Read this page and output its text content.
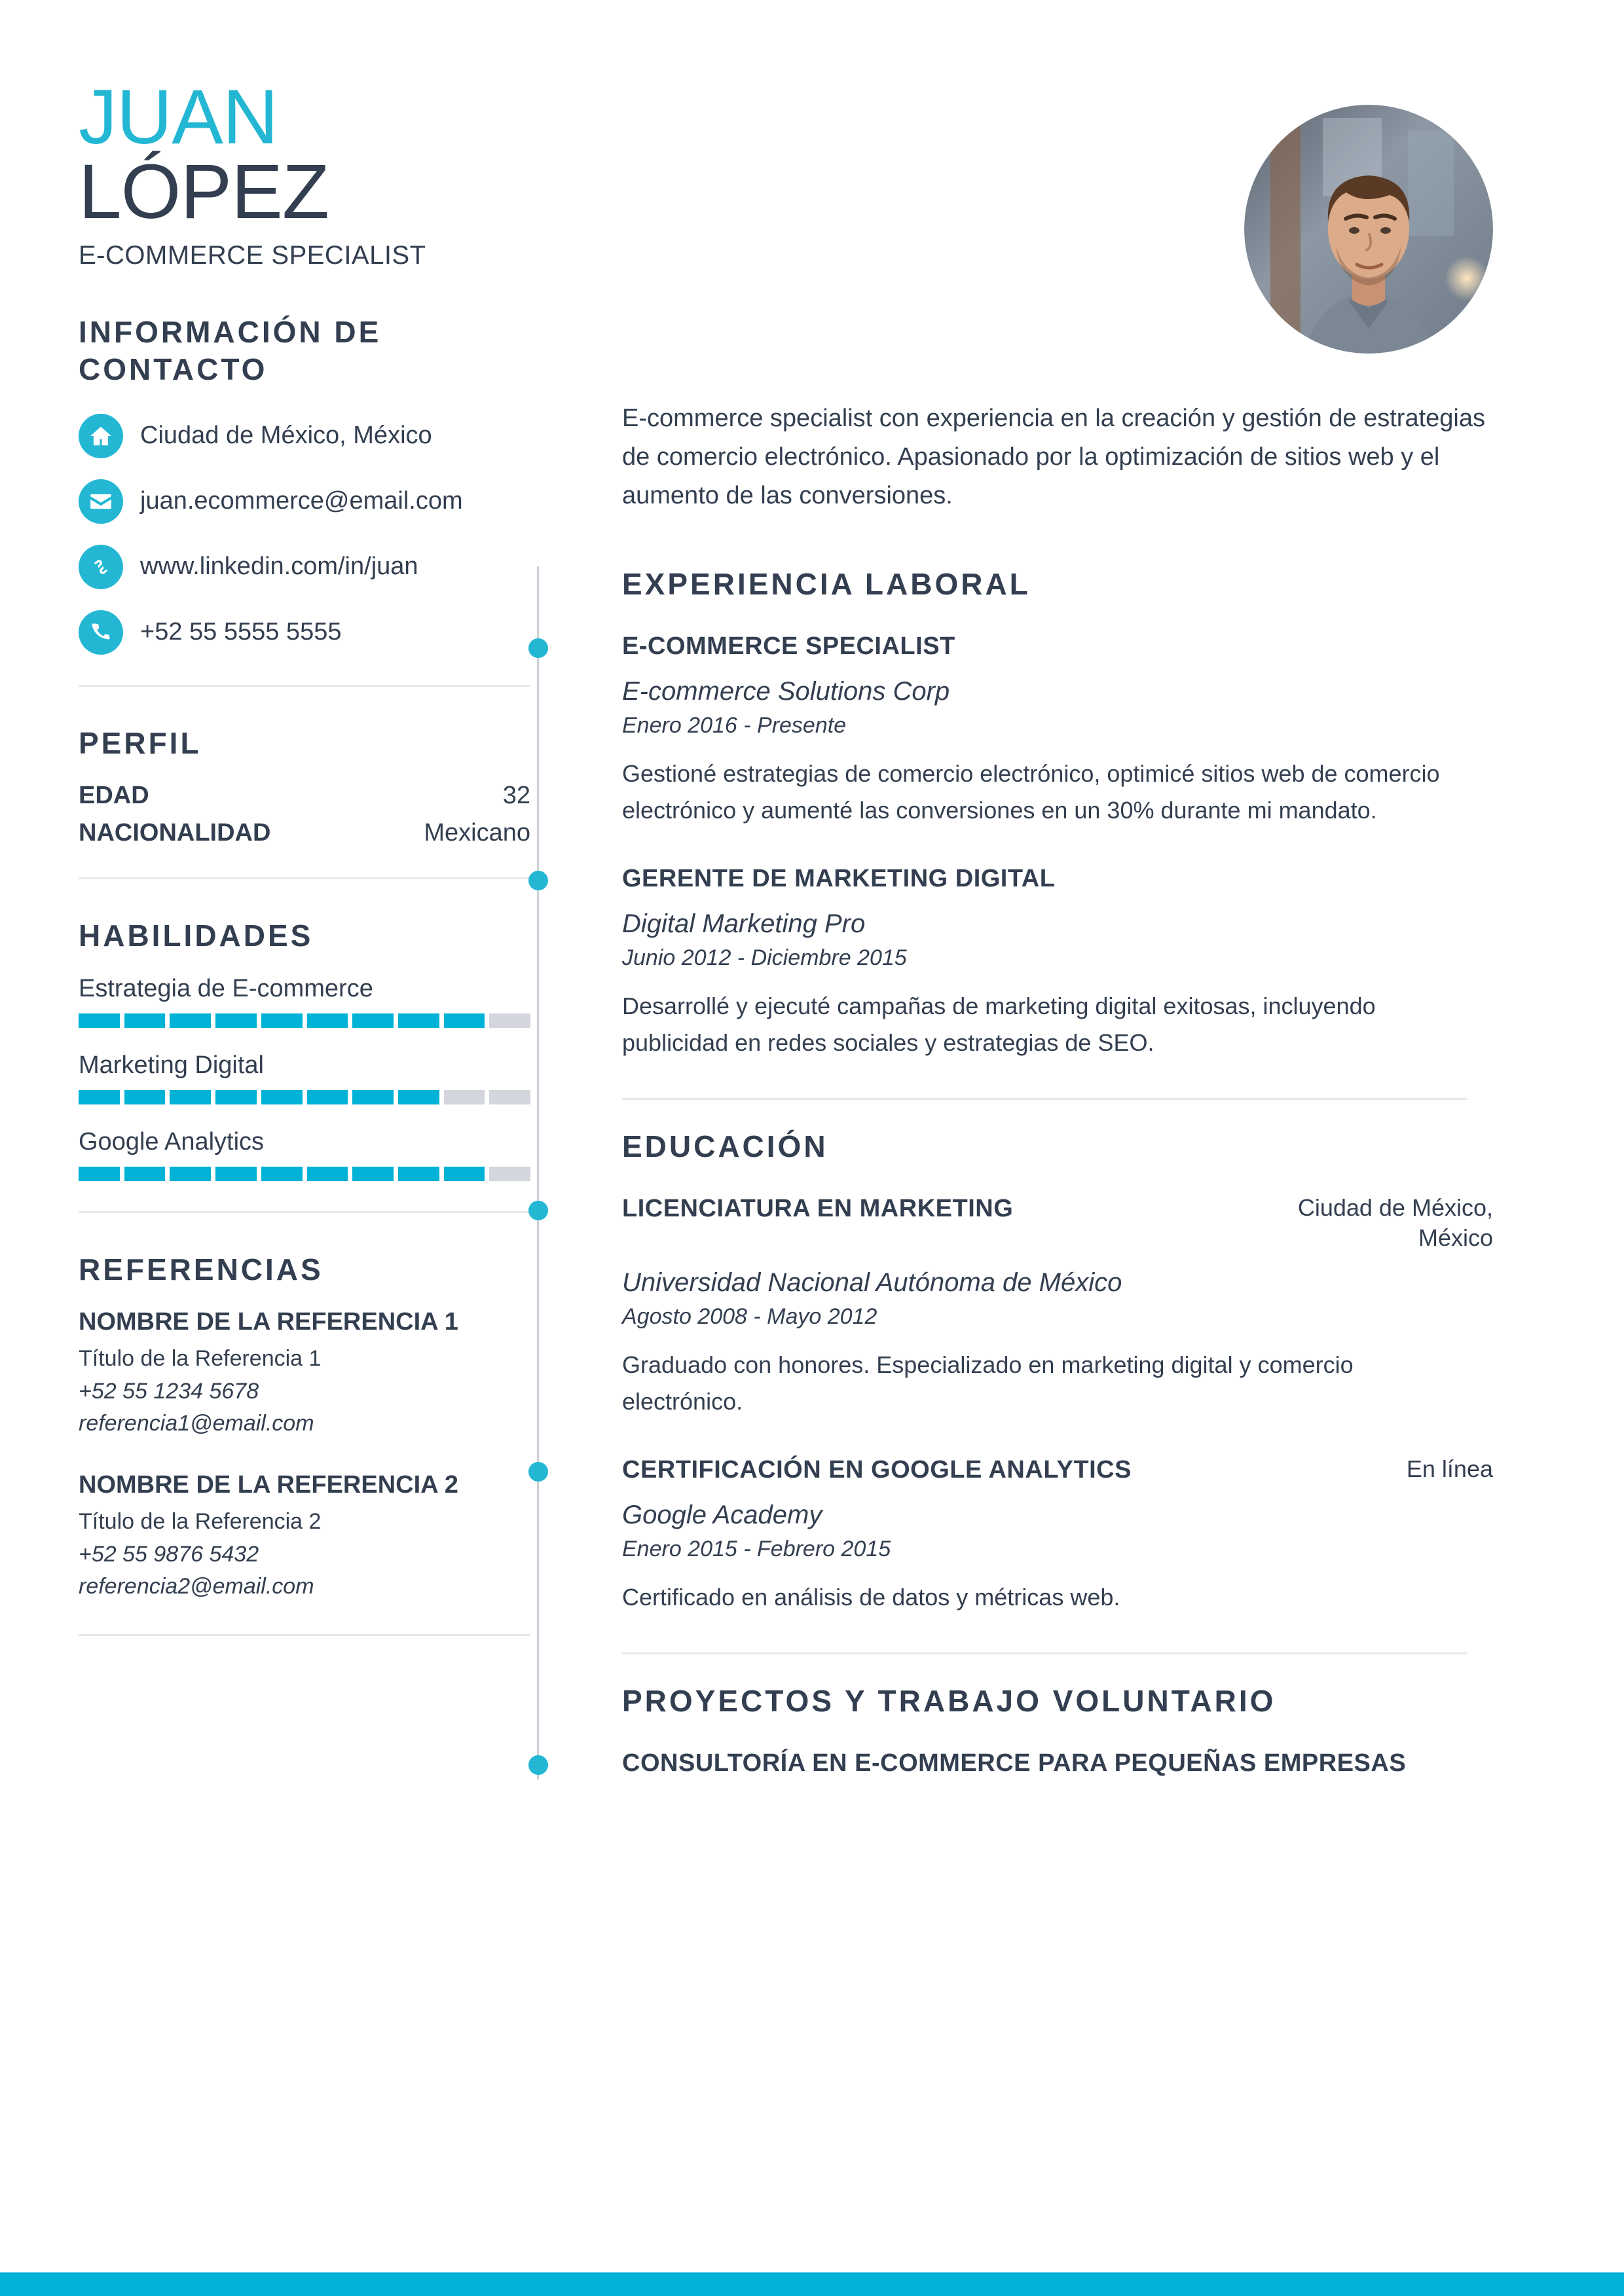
JUAN
LÓPEZ
E-COMMERCE SPECIALIST
INFORMACIÓN DE CONTACTO
Ciudad de México, México
juan.ecommerce@email.com
www.linkedin.com/in/juan
+52 55 5555 5555
PERFIL
EDAD	32
NACIONALIDAD	Mexicano
HABILIDADES
Estrategia de E-commerce
Marketing Digital
Google Analytics
REFERENCIAS
NOMBRE DE LA REFERENCIA 1
Título de la Referencia 1
+52 55 1234 5678
referencia1@email.com
NOMBRE DE LA REFERENCIA 2
Título de la Referencia 2
+52 55 9876 5432
referencia2@email.com
E-commerce specialist con experiencia en la creación y gestión de estrategias de comercio electrónico. Apasionado por la optimización de sitios web y el aumento de las conversiones.
EXPERIENCIA LABORAL
E-COMMERCE SPECIALIST
E-commerce Solutions Corp
Enero 2016 - Presente
Gestioné estrategias de comercio electrónico, optimicé sitios web de comercio electrónico y aumenté las conversiones en un 30% durante mi mandato.
GERENTE DE MARKETING DIGITAL
Digital Marketing Pro
Junio 2012 - Diciembre 2015
Desarrollé y ejecuté campañas de marketing digital exitosas, incluyendo publicidad en redes sociales y estrategias de SEO.
EDUCACIÓN
LICENCIATURA EN MARKETING	Ciudad de México, México
Universidad Nacional Autónoma de México
Agosto 2008 - Mayo 2012
Graduado con honores. Especializado en marketing digital y comercio electrónico.
CERTIFICACIÓN EN GOOGLE ANALYTICS	En línea
Google Academy
Enero 2015 - Febrero 2015
Certificado en análisis de datos y métricas web.
PROYECTOS Y TRABAJO VOLUNTARIO
CONSULTORÍA EN E-COMMERCE PARA PEQUEÑAS EMPRESAS
